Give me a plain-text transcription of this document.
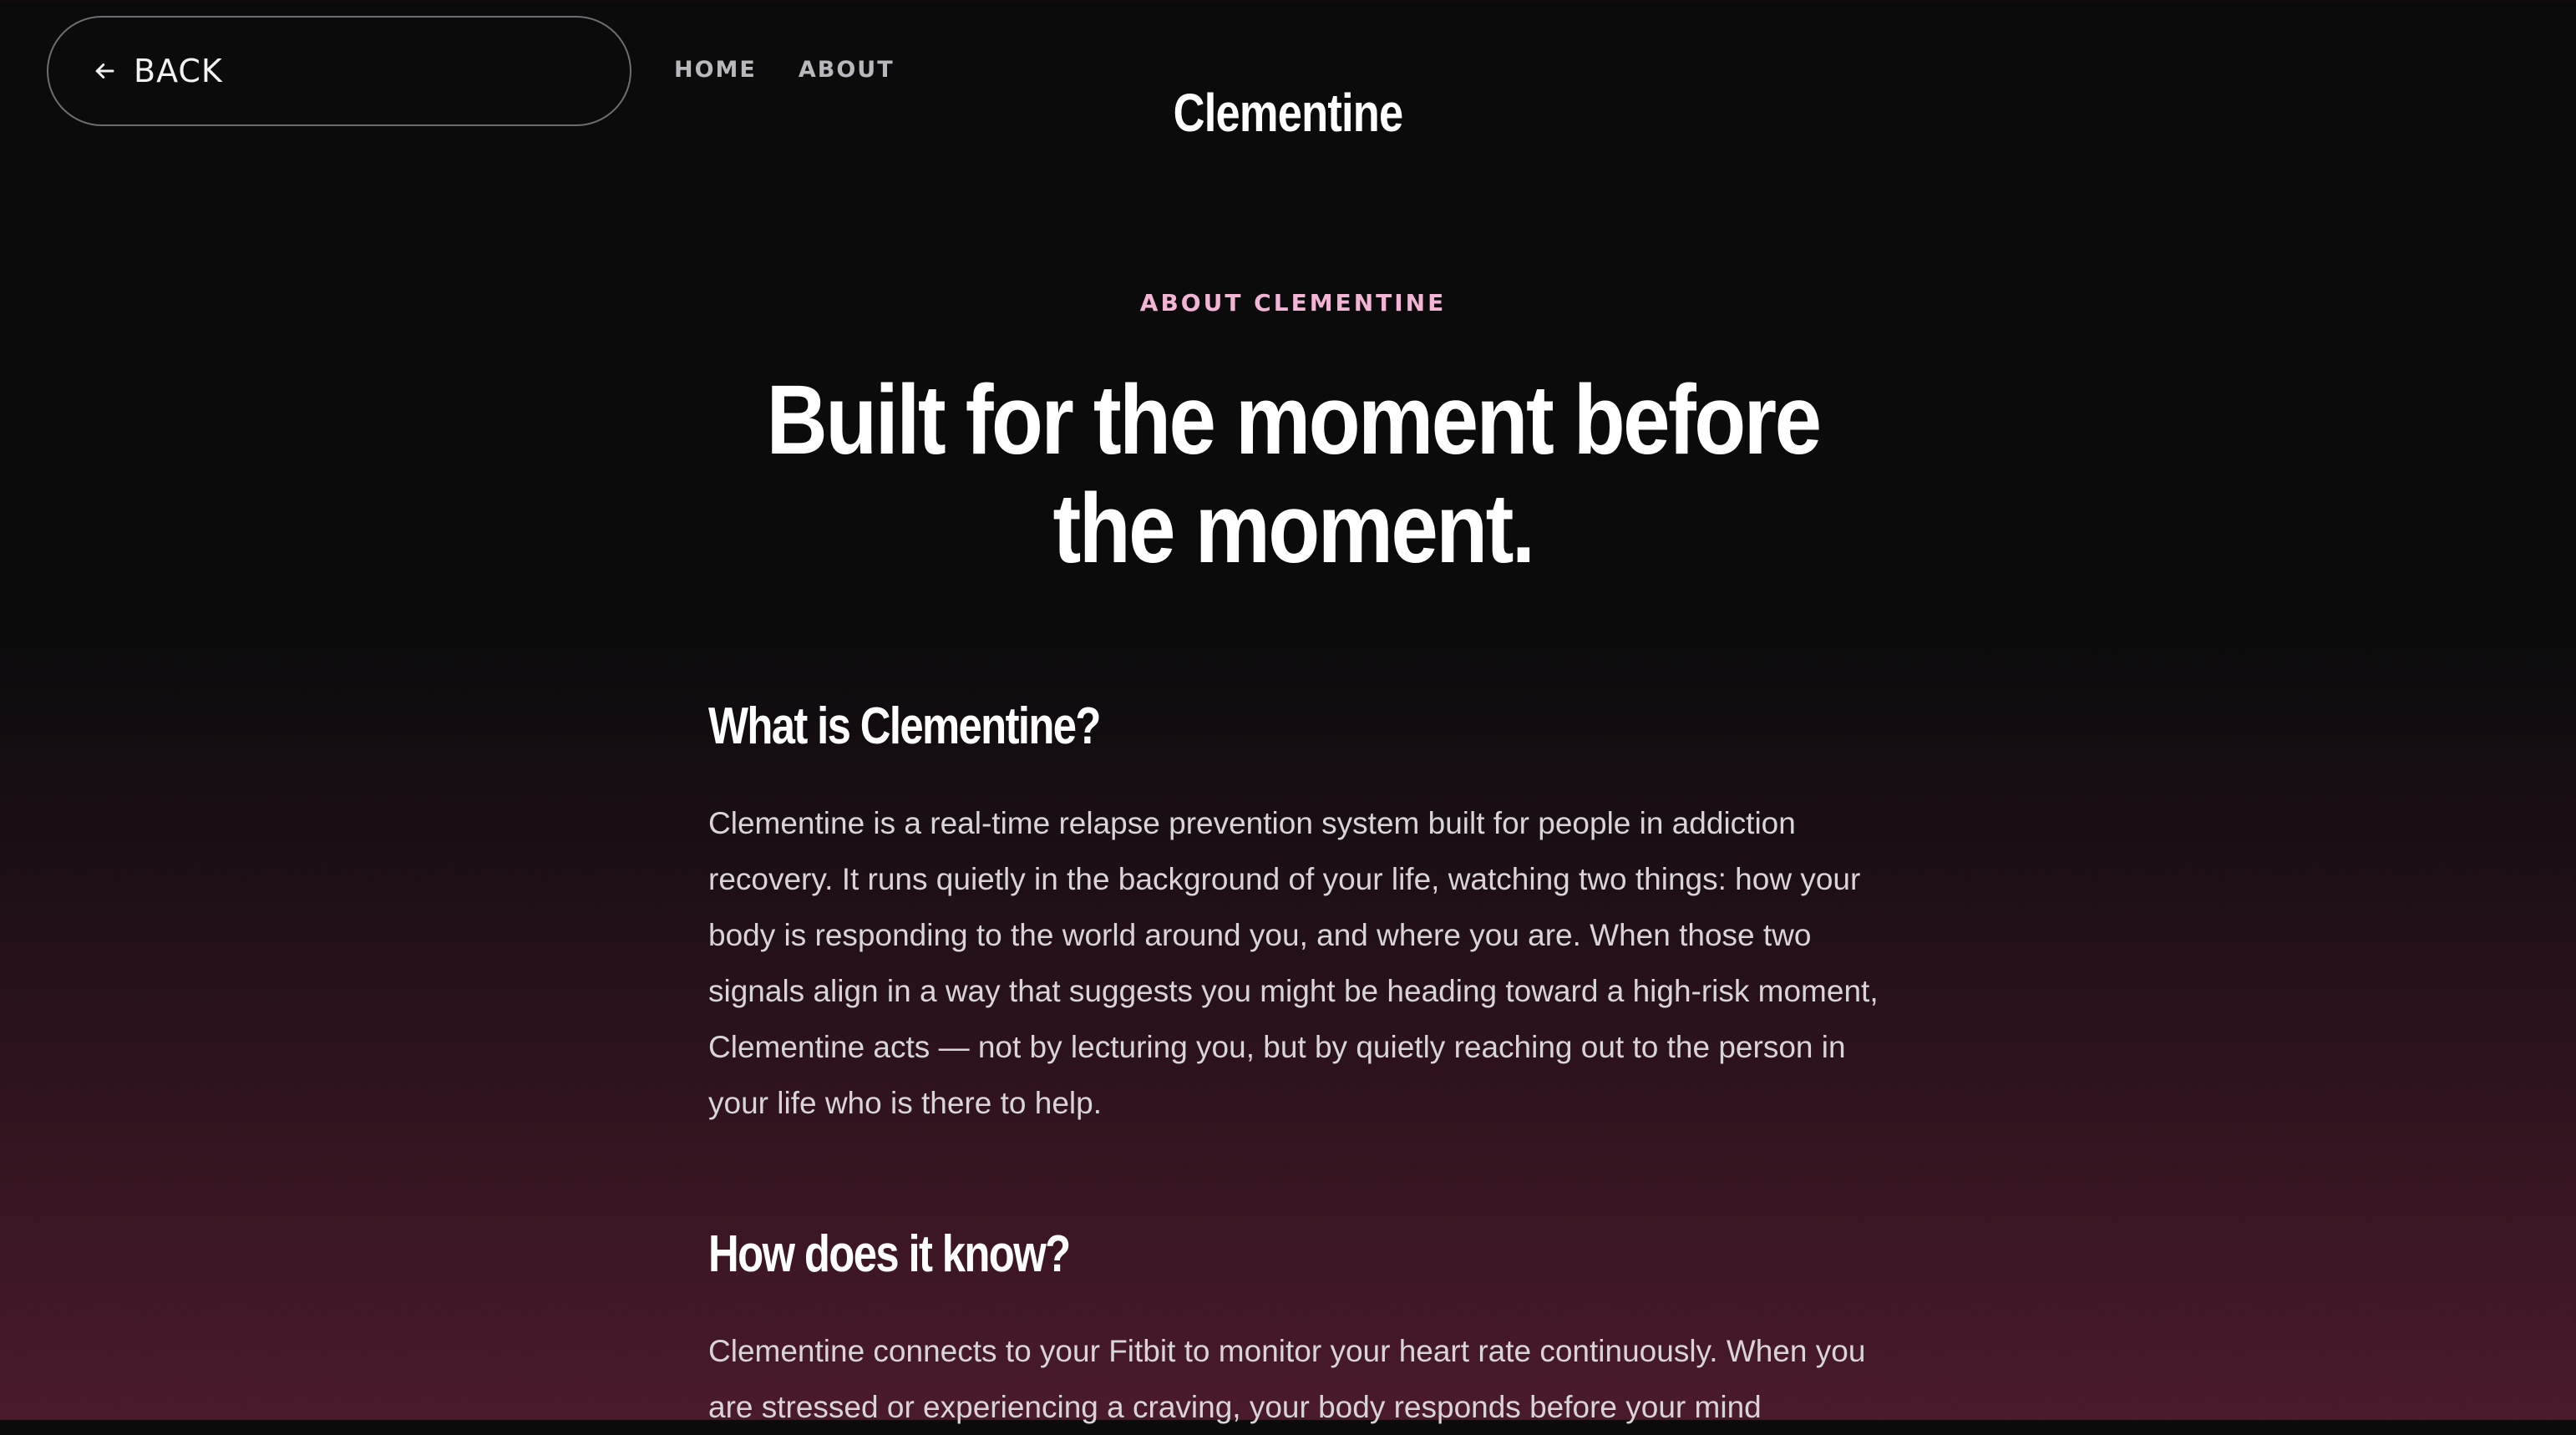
BACK	HOME ABOUT
Clementine

ABOUT CLEMENTINE

Built for the moment before the moment.
What is Clementine?

Clementine is a real-time relapse prevention system built for people in addiction recovery. It runs quietly in the background of your life, watching two things: how your body is responding to the world around you, and where you are. When those two signals align in a way that suggests you might be heading toward a high-risk moment, Clementine acts — not by lecturing you, but by quietly reaching out to the person in your life who is there to help.

How does it know?

Clementine connects to your Fitbit to monitor your heart rate continuously. When you are stressed or experiencing a craving, your body responds before your mind
